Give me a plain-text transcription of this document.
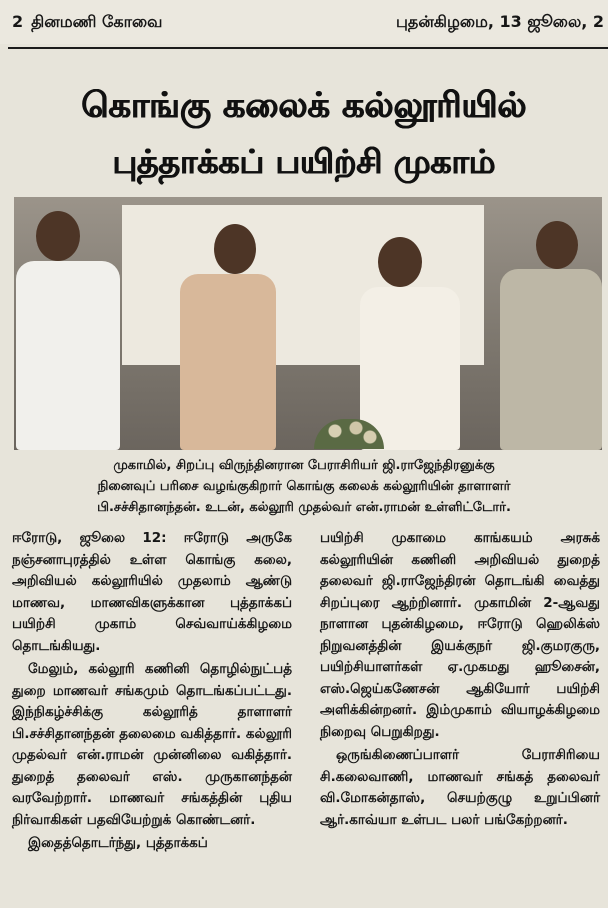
2 தினமணி கோவை	புதன்கிழமை, 13 ஜூலை, 2
கொங்கு கலைக் கல்லூரியில்
புத்தாக்கப் பயிற்சி முகாம்
முகாமில், சிறப்பு விருந்தினரான பேராசிரியர் ஜி.ராஜேந்திரனுக்கு
நினைவுப் பரிசை வழங்குகிறார் கொங்கு கலைக் கல்லூரியின் தாளாளர்
பி.சச்சிதானந்தன். உடன், கல்லூரி முதல்வர் என்.ராமன் உள்ளிட்டோர்.

ஈரோடு, ஜூலை 12: ஈரோடு அருகே நஞ்சனாபுரத்தில் உள்ள கொங்கு கலை, அறிவியல் கல்லூரியில் முதலாம் ஆண்டு மாணவ, மாணவிகளுக்கான புத்தாக்கப் பயிற்சி முகாம் செவ்வாய்க்கிழமை தொடங்கியது.

மேலும், கல்லூரி கணினி தொழில்நுட்பத் துறை மாணவர் சங்கமும் தொடங்கப்பட்டது. இந்நிகழ்ச்சிக்கு கல்லூரித் தாளாளர் பி.சச்சிதானந்தன் தலைமை வகித்தார். கல்லூரி முதல்வர் என்.ராமன் முன்னிலை வகித்தார். துறைத் தலைவர் எஸ். முருகானந்தன் வரவேற்றார். மாணவர் சங்கத்தின் புதிய நிர்வாகிகள் பதவியேற்றுக் கொண்டனர்.

இதைத்தொடர்ந்து, புத்தாக்கப்

பயிற்சி முகாமை காங்கயம் அரசுக் கல்லூரியின் கணினி அறிவியல் துறைத் தலைவர் ஜி.ராஜேந்திரன் தொடங்கி வைத்து சிறப்புரை ஆற்றினார். முகாமின் 2-ஆவது நாளான புதன்கிழமை, ஈரோடு ஹெலிக்ஸ் நிறுவனத்தின் இயக்குநர் ஜி.குமரகுரு, பயிற்சியாளர்கள் ஏ.முகமது ஹூசைன், எஸ்.ஜெய்கணேசன் ஆகியோர் பயிற்சி அளிக்கின்றனர். இம்முகாம் வியாழக்கிழமை நிறைவு பெறுகிறது.

ஒருங்கிணைப்பாளர் பேராசிரியை சி.கலைவாணி, மாணவர் சங்கத் தலைவர் வி.மோகன்தாஸ், செயற்குழு உறுப்பினர் ஆர்.காவ்யா உள்பட பலர் பங்கேற்றனர்.
